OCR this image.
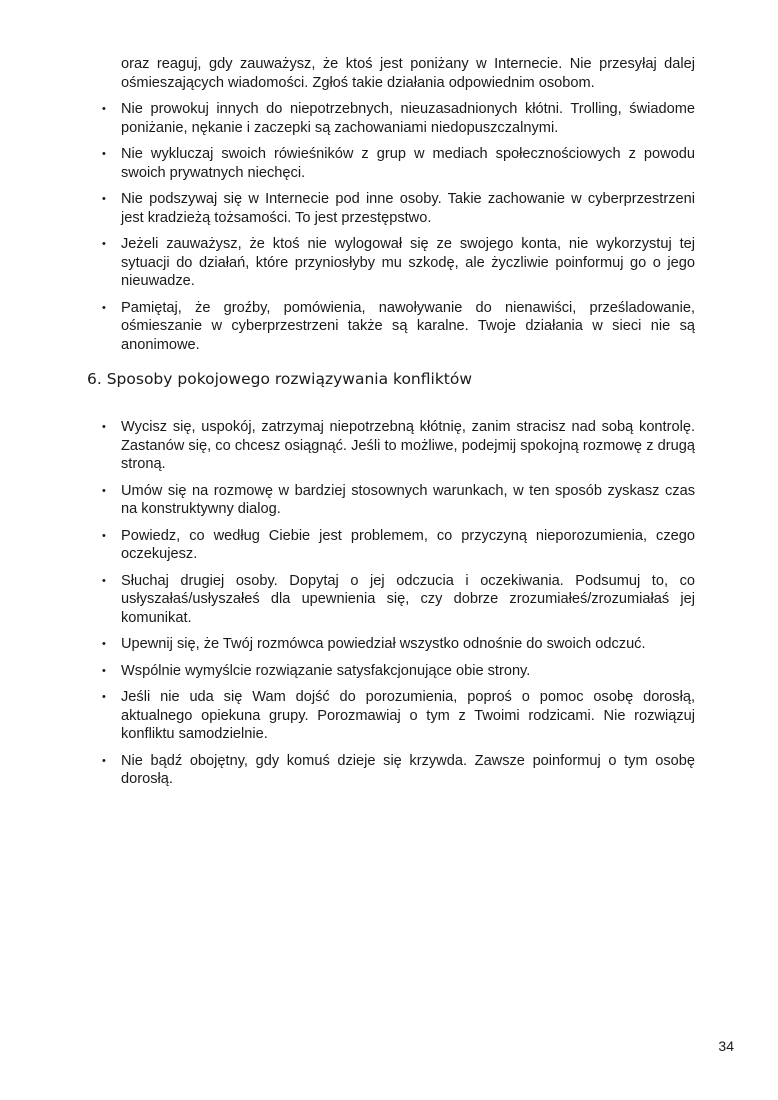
oraz reaguj, gdy zauważysz, że ktoś jest poniżany w Internecie. Nie przesyłaj dalej ośmieszających wiadomości. Zgłoś takie działania odpowiednim osobom.

• Nie prowokuj innych do niepotrzebnych, nieuzasadnionych kłótni. Trolling, świadome poniżanie, nękanie i zaczepki są zachowaniami niedopuszczalnymi.
• Nie wykluczaj swoich rówieśników z grup w mediach społecznościowych z powodu swoich prywatnych niechęci.
• Nie podszywaj się w Internecie pod inne osoby. Takie zachowanie w cyberprzestrzeni jest kradzieżą tożsamości. To jest przestępstwo.
• Jeżeli zauważysz, że ktoś nie wylogował się ze swojego konta, nie wykorzystuj tej sytuacji do działań, które przyniosłyby mu szkodę, ale życzliwie poinformuj go o jego nieuwadze.
• Pamiętaj, że groźby, pomówienia, nawoływanie do nienawiści, prześladowanie, ośmieszanie w cyberprzestrzeni także są karalne. Twoje działania w sieci nie są anonimowe.
6. Sposoby pokojowego rozwiązywania konfliktów
• Wycisz się, uspokój, zatrzymaj niepotrzebną kłótnię, zanim stracisz nad sobą kontrolę. Zastanów się, co chcesz osiągnąć. Jeśli to możliwe, podejmij spokojną rozmowę z drugą stroną.
• Umów się na rozmowę w bardziej stosownych warunkach, w ten sposób zyskasz czas na konstruktywny dialog.
• Powiedz, co według Ciebie jest problemem, co przyczyną nieporozumienia, czego oczekujesz.
• Słuchaj drugiej osoby. Dopytaj o jej odczucia i oczekiwania. Podsumuj to, co usłyszałaś/usłyszałeś dla upewnienia się, czy dobrze zrozumiałeś/zrozumiałaś jej komunikat.
• Upewnij się, że Twój rozmówca powiedział wszystko odnośnie do swoich odczuć.
• Wspólnie wymyślcie rozwiązanie satysfakcjonujące obie strony.
• Jeśli nie uda się Wam dojść do porozumienia, poproś o pomoc osobę dorosłą, aktualnego opiekuna grupy. Porozmawiaj o tym z Twoimi rodzicami. Nie rozwiązuj konfliktu samodzielnie.
• Nie bądź obojętny, gdy komuś dzieje się krzywda. Zawsze poinformuj o tym osobę dorosłą.
34
